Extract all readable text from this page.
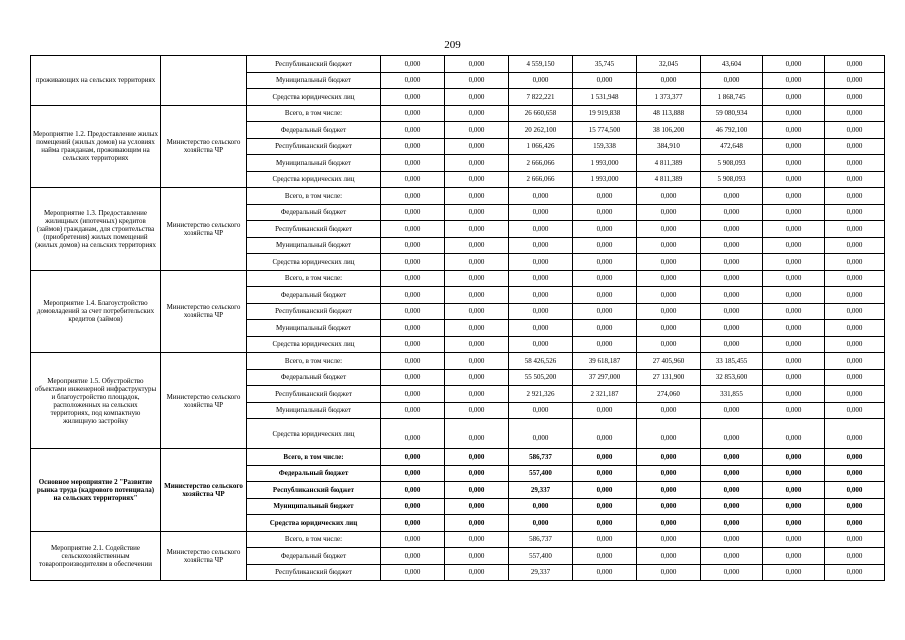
209
проживающих на сельских территориях		Республиканский бюджет	0,000	0,000	4 559,150	35,745	32,045	43,604	0,000	0,000
		Муниципальный бюджет	0,000	0,000	0,000	0,000	0,000	0,000	0,000	0,000
		Средства юридических лиц	0,000	0,000	7 822,221	1 531,948	1 373,377	1 868,745	0,000	0,000
Мероприятие 1.2. Предоставление жилых помещений (жилых домов) на условиях найма гражданам, проживающим на сельских территориях	Министерство сельского хозяйства ЧР	Всего, в том числе:	0,000	0,000	26 660,658	19 919,838	48 113,888	59 080,934	0,000	0,000
		Федеральный бюджет	0,000	0,000	20 262,100	15 774,500	38 106,200	46 792,100	0,000	0,000
		Республиканский бюджет	0,000	0,000	1 066,426	159,338	384,910	472,648	0,000	0,000
		Муниципальный бюджет	0,000	0,000	2 666,066	1 993,000	4 811,389	5 908,093	0,000	0,000
		Средства юридических лиц	0,000	0,000	2 666,066	1 993,000	4 811,389	5 908,093	0,000	0,000
Мероприятие 1.3. Предоставление жилищных (ипотечных) кредитов (займов) гражданам, для строительства (приобретения) жилых помещений (жилых домов) на сельских территориях	Министерство сельского хозяйства ЧР	Всего, в том числе:	0,000	0,000	0,000	0,000	0,000	0,000	0,000	0,000
		Федеральный бюджет	0,000	0,000	0,000	0,000	0,000	0,000	0,000	0,000
		Республиканский бюджет	0,000	0,000	0,000	0,000	0,000	0,000	0,000	0,000
		Муниципальный бюджет	0,000	0,000	0,000	0,000	0,000	0,000	0,000	0,000
		Средства юридических лиц	0,000	0,000	0,000	0,000	0,000	0,000	0,000	0,000
Мероприятие 1.4. Благоустройство домовладений за счет потребительских кредитов (займов)	Министерство сельского хозяйства ЧР	Всего, в том числе:	0,000	0,000	0,000	0,000	0,000	0,000	0,000	0,000
		Федеральный бюджет	0,000	0,000	0,000	0,000	0,000	0,000	0,000	0,000
		Республиканский бюджет	0,000	0,000	0,000	0,000	0,000	0,000	0,000	0,000
		Муниципальный бюджет	0,000	0,000	0,000	0,000	0,000	0,000	0,000	0,000
		Средства юридических лиц	0,000	0,000	0,000	0,000	0,000	0,000	0,000	0,000
Мероприятие 1.5. Обустройство объектами инженерной инфраструктуры и благоустройство площадок, расположенных на сельских территориях, под компактную жилищную застройку	Министерство сельского хозяйства ЧР	Всего, в том числе:	0,000	0,000	58 426,526	39 618,187	27 405,960	33 185,455	0,000	0,000
		Федеральный бюджет	0,000	0,000	55 505,200	37 297,000	27 131,900	32 853,600	0,000	0,000
		Республиканский бюджет	0,000	0,000	2 921,326	2 321,187	274,060	331,855	0,000	0,000
		Муниципальный бюджет	0,000	0,000	0,000	0,000	0,000	0,000	0,000	0,000
		Средства юридических лиц	0,000	0,000	0,000	0,000	0,000	0,000	0,000	0,000
Основное мероприятие 2 "Развитие рынка труда (кадрового потенциала) на сельских территориях"	Министерство сельского хозяйства ЧР	Всего, в том числе:	0,000	0,000	586,737	0,000	0,000	0,000	0,000	0,000
		Федеральный бюджет	0,000	0,000	557,400	0,000	0,000	0,000	0,000	0,000
		Республиканский бюджет	0,000	0,000	29,337	0,000	0,000	0,000	0,000	0,000
		Муниципальный бюджет	0,000	0,000	0,000	0,000	0,000	0,000	0,000	0,000
		Средства юридических лиц	0,000	0,000	0,000	0,000	0,000	0,000	0,000	0,000
Мероприятие 2.1. Содействие сельскохозяйственным товаропроизводителям в обеспечении	Министерство сельского хозяйства ЧР	Всего, в том числе:	0,000	0,000	586,737	0,000	0,000	0,000	0,000	0,000
		Федеральный бюджет	0,000	0,000	557,400	0,000	0,000	0,000	0,000	0,000
		Республиканский бюджет	0,000	0,000	29,337	0,000	0,000	0,000	0,000	0,000
